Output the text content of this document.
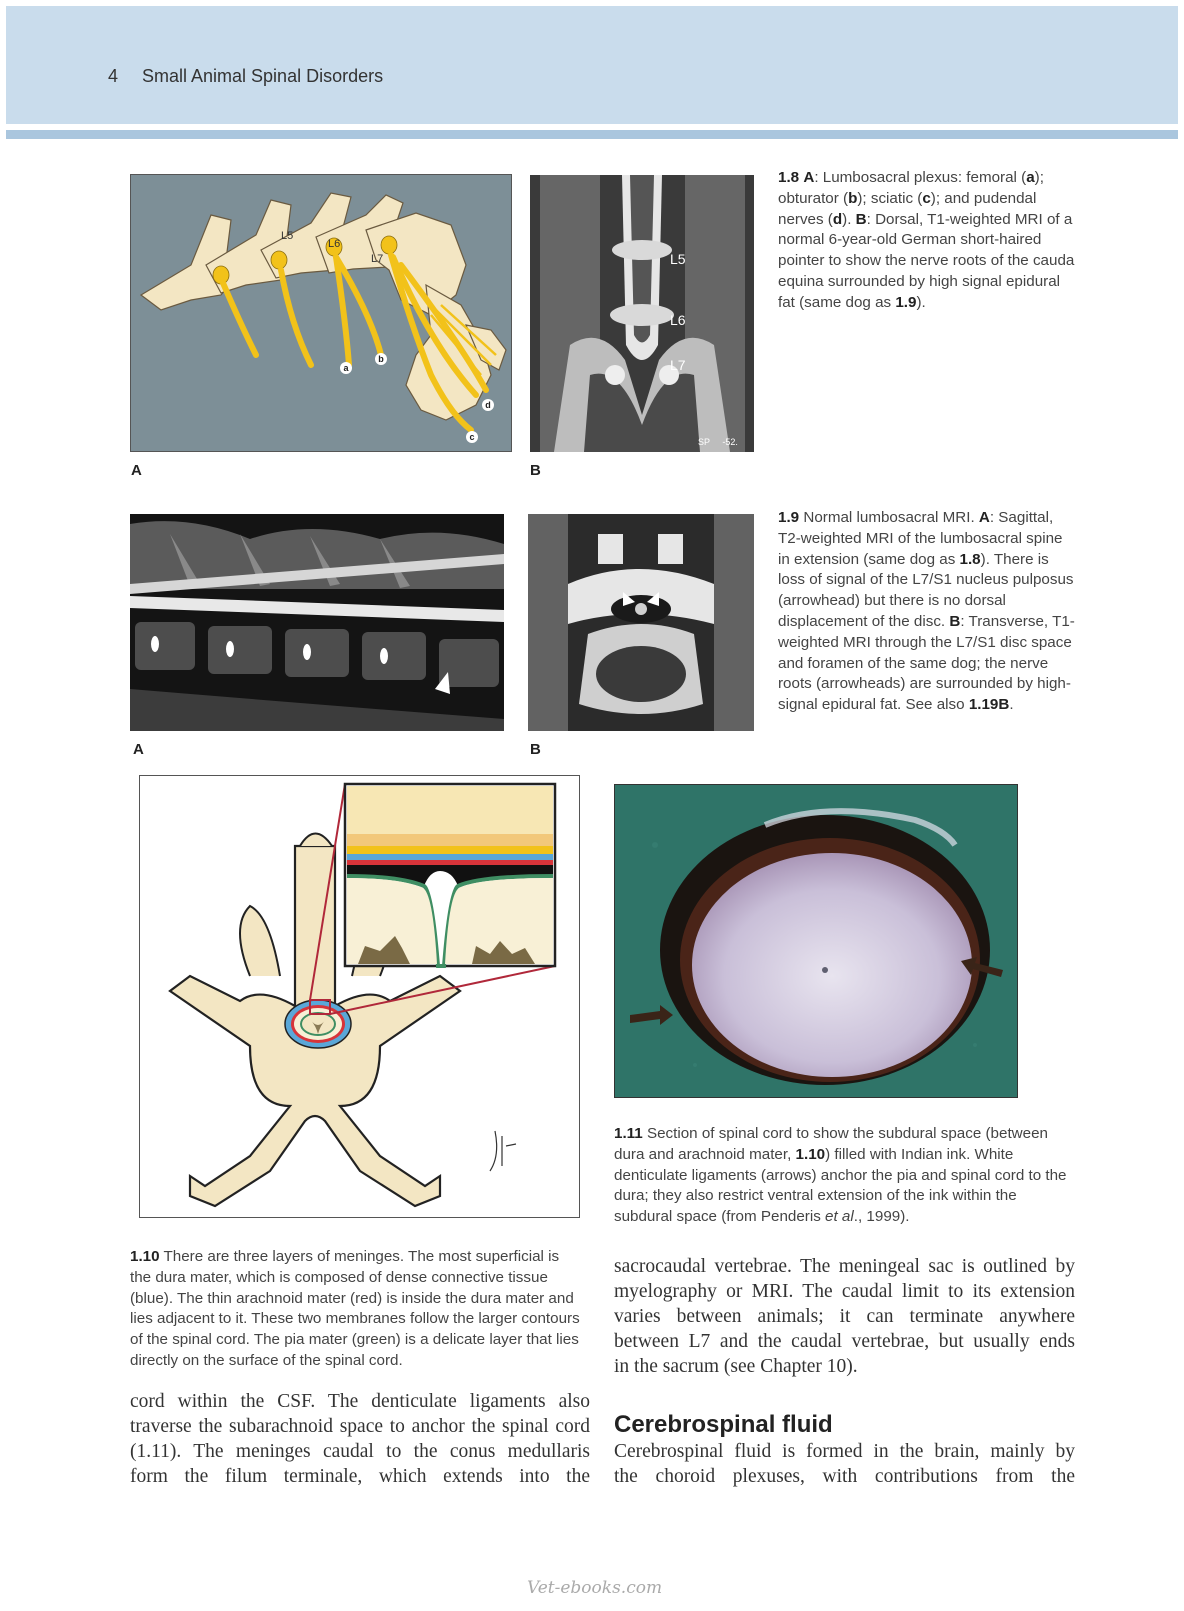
4 Small Animal Spinal Disorders
L5
L6
L7
a
b
c
d
A
L5
L6
L7
SP     -52.
B
1.8 A: Lumbosacral plexus: femoral (a); obturator (b); sciatic (c); and pudendal nerves (d). B: Dorsal, T1-weighted MRI of a normal 6-year-old German short-haired pointer to show the nerve roots of the cauda equina surrounded by high signal epidural fat (same dog as 1.9).
A	B
1.9 Normal lumbosacral MRI. A: Sagittal, T2-weighted MRI of the lumbosacral spine in extension (same dog as 1.8). There is loss of signal of the L7/S1 nucleus pulposus (arrowhead) but there is no dorsal displacement of the disc. B: Transverse, T1-weighted MRI through the L7/S1 disc space and foramen of the same dog; the nerve roots (arrowheads) are surrounded by high-signal epidural fat. See also 1.19B.
1.10 There are three layers of meninges. The most superficial is the dura mater, which is composed of dense connective tissue (blue). The thin arachnoid mater (red) is inside the dura mater and lies adjacent to it. These two membranes follow the larger contours of the spinal cord. The pia mater (green) is a delicate layer that lies directly on the surface of the spinal cord.
1.11 Section of spinal cord to show the subdural space (between dura and arachnoid mater, 1.10) filled with Indian ink. White denticulate ligaments (arrows) anchor the pia and spinal cord to the dura; they also restrict ventral extension of the ink within the subdural space (from Penderis et al., 1999).
cord within the CSF. The denticulate ligaments also
traverse the subarachnoid space to anchor the spinal cord
(1.11). The meninges caudal to the conus medullaris
form the filum terminale, which extends into the
sacrocaudal vertebrae. The meningeal sac is outlined by
myelography or MRI. The caudal limit to its extension
varies between animals; it can terminate anywhere
between L7 and the caudal vertebrae, but usually ends
in the sacrum (see Chapter 10).
Cerebrospinal fluid
Cerebrospinal fluid is formed in the brain, mainly by
the choroid plexuses, with contributions from the
Vet-ebooks.com
